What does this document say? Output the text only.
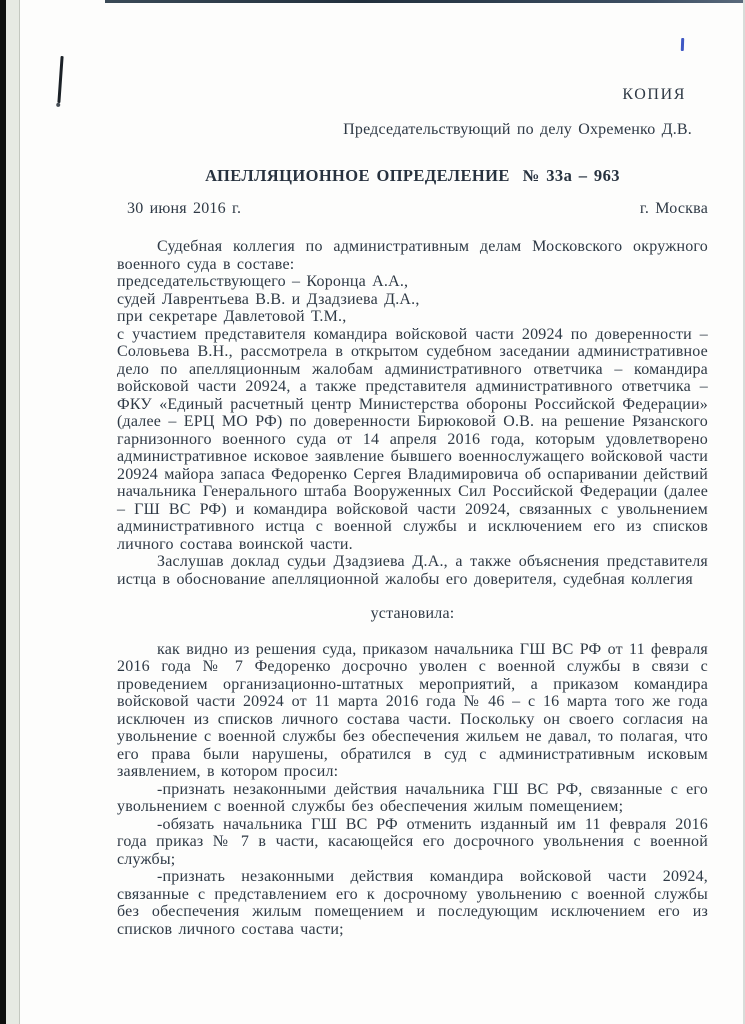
КОПИЯ
Председательствующий по делу Охременко Д.В.
АПЕЛЛЯЦИОННОЕ ОПРЕДЕЛЕНИЕ  № 33а – 963
30 июня 2016 г.	г. Москва

Судебная коллегия по административным делам Московского окружного военного суда в составе:

председательствующего – Коронца А.А.,
судей Лаврентьева В.В. и Дзадзиева Д.А.,
при секретаре Давлетовой Т.М.,

с участием представителя командира войсковой части 20924 по доверенности – Соловьева В.Н., рассмотрела в открытом судебном заседании административное дело по апелляционным жалобам административного ответчика – командира войсковой части 20924, а также представителя административного ответчика – ФКУ «Единый расчетный центр Министерства обороны Российской Федерации» (далее – ЕРЦ МО РФ) по доверенности Бирюковой О.В. на решение Рязанского гарнизонного военного суда от 14 апреля 2016 года, которым удовлетворено административное исковое заявление бывшего военнослужащего войсковой части 20924 майора запаса Федоренко Сергея Владимировича об оспаривании действий начальника Генерального штаба Вооруженных Сил Российской Федерации (далее – ГШ ВС РФ) и командира войсковой части 20924, связанных с увольнением административного истца с военной службы и исключением его из списков личного состава воинской части.

Заслушав доклад судьи Дзадзиева Д.А., а также объяснения представителя истца в обоснование апелляционной жалобы его доверителя, судебная коллегия

установила:

как видно из решения суда, приказом начальника ГШ ВС РФ от 11 февраля 2016 года № 7 Федоренко досрочно уволен с военной службы в связи с проведением организационно-штатных мероприятий, а приказом командира войсковой части 20924 от 11 марта 2016 года № 46 – с 16 марта того же года исключен из списков личного состава части. Поскольку он своего согласия на увольнение с военной службы без обеспечения жильем не давал, то полагая, что его права были нарушены, обратился в суд с административным исковым заявлением, в котором просил:

-признать незаконными действия начальника ГШ ВС РФ, связанные с его увольнением с военной службы без обеспечения жилым помещением;

-обязать начальника ГШ ВС РФ отменить изданный им 11 февраля 2016 года приказ № 7 в части, касающейся его досрочного увольнения с военной службы;

-признать незаконными действия командира войсковой части 20924, связанные с представлением его к досрочному увольнению с военной службы без обеспечения жилым помещением и последующим исключением его из списков личного состава части;
